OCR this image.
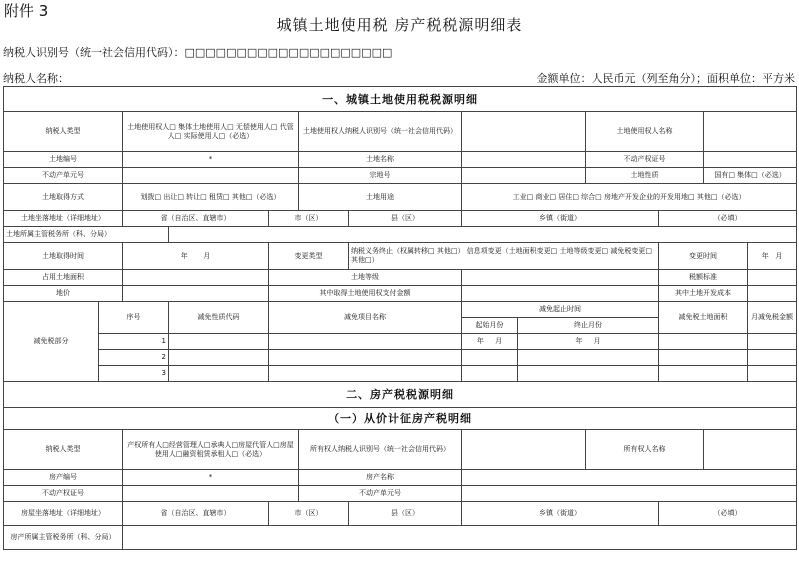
附件 3
城镇土地使用税 房产税税源明细表
纳税人识别号（统一社会信用代码）：□□□□□□□□□□□□□□□□□□□□
纳税人名称：	金额单位：人民币元（列至角分）；面积单位：平方米
一、城镇土地使用税税源明细												
纳税人类型		土地使用权人□ 集体土地使用人□ 无偿使用人□ 代管人□ 实际使用人□（必选）			土地使用权人纳税人识别号（统一社会信用代码）				土地使用权人名称			
土地编号		*			土地名称				不动产权证号			
不动产单元号					宗地号				土地性质		国有□ 集体□（必选）	
土地取得方式		划拨□ 出让□ 转让□ 租赁□ 其他□（必选）			土地用途		工业□ 商业□ 居住□ 综合□ 房地产开发企业的开发用地□ 其他□（必选）					
土地坐落地址（详细地址）		省（自治区、直辖市）		市（区）		县（区）	乡镇（街道）			（必填）		
土地所属主管税务所（科、分局）												
土地取得时间		年 月		变更类型		纳税义务终止（权属转移□ 其他□） 信息项变更（土地面积变更□ 土地等级变更□ 减免税变更□ 其他□）				变更时间		年 月
占用土地面积				土地等级						税额标准		
地价				其中取得土地使用权支付金额						其中土地开发成本		
减免税部分	序号		减免性质代码	减免项目名称			减免起止时间			减免税土地面积		月减免税金额
							起始月份	终止月份				
	1						年 月	年 月				
	2											
	3											
二、房产税税源明细												
（一）从价计征房产税明细												
纳税人类型		产权所有人□经营管理人□承典人□房屋代管人□房屋使用人□融资租赁承租人□（必选）			所有权人纳税人识别号（统一社会信用代码）				所有权人名称			
房产编号		*			房产名称							
不动产权证号					不动产单元号							
房屋坐落地址（详细地址）		省（自治区、直辖市）		市（区）		县（区）	乡镇（街道）			（必填）		
房产所属主管税务所（科、分局）												
